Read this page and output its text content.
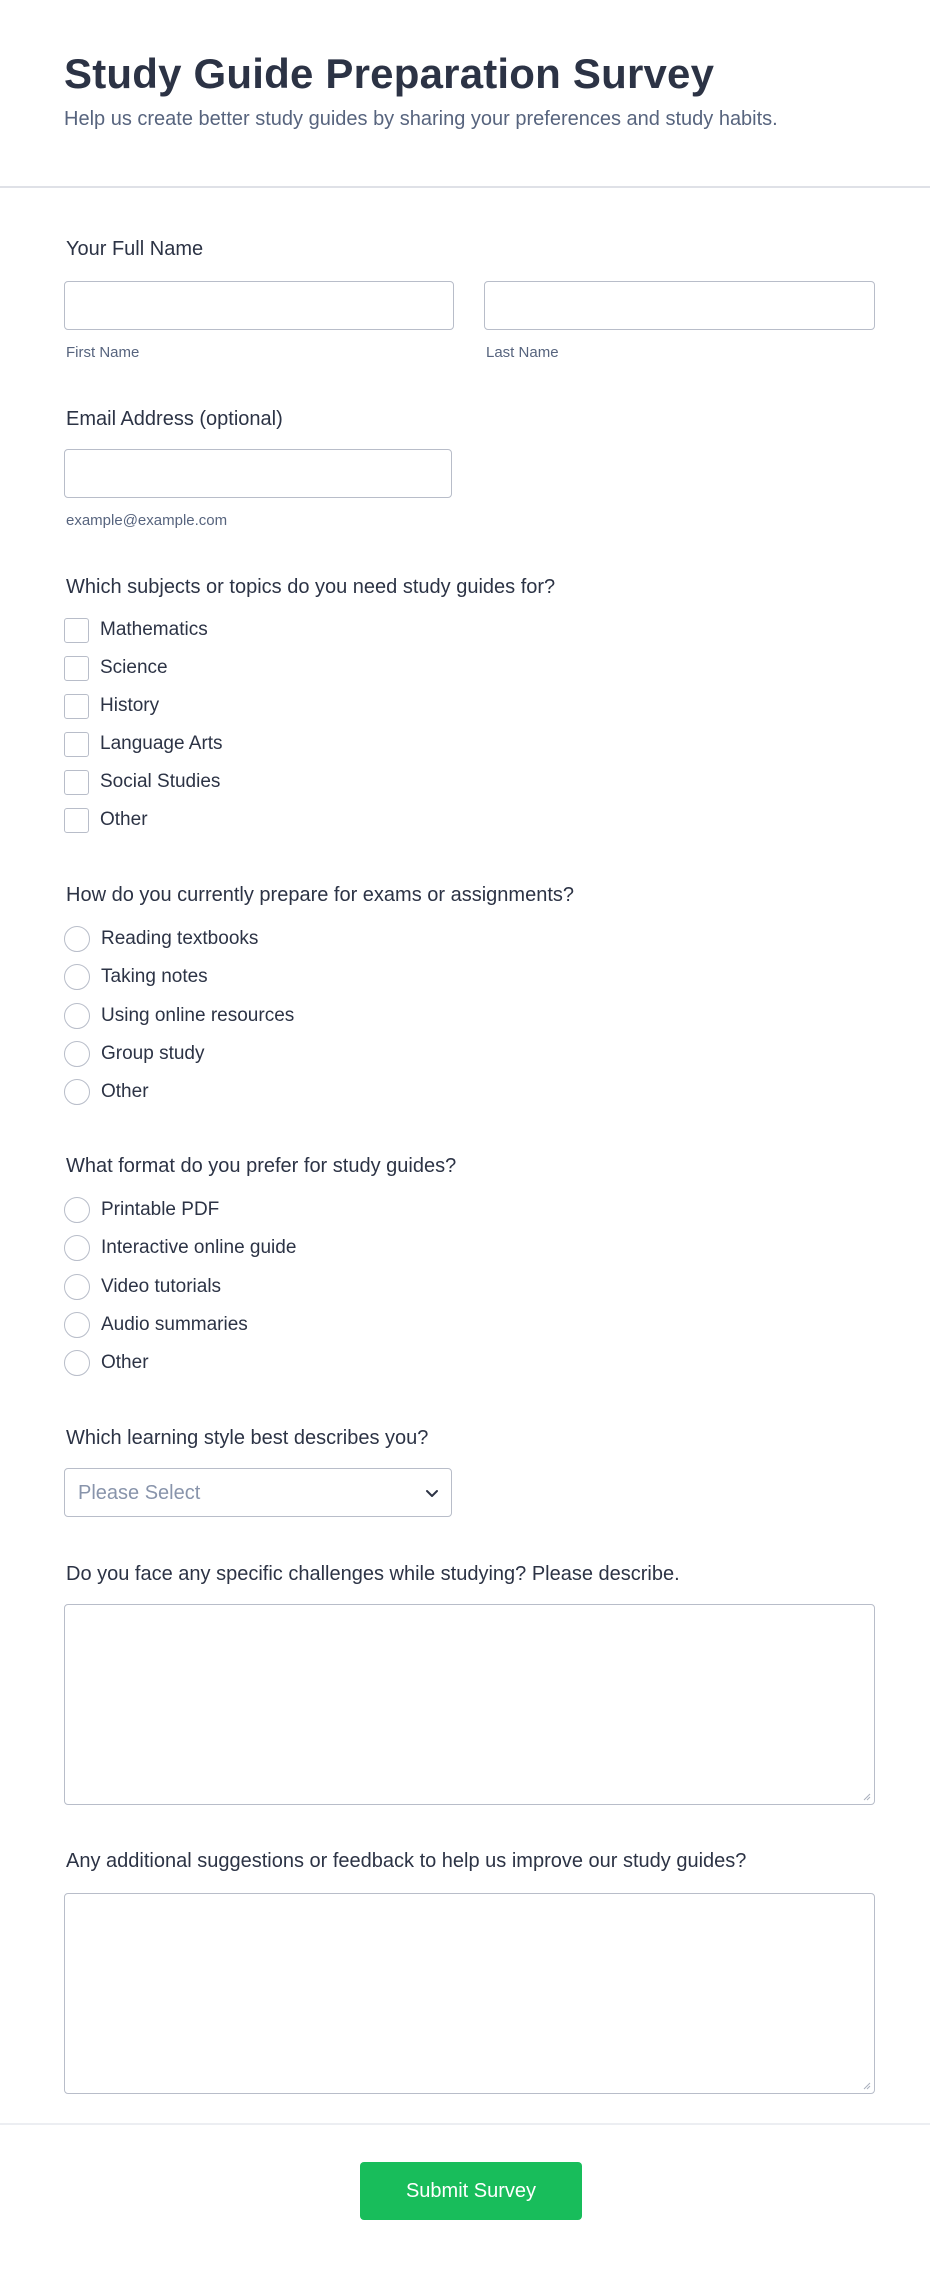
Study Guide Preparation Survey

Help us create better study guides by sharing your preferences and study habits.

Your Full Name
First Name	Last Name
Email Address (optional)
example@example.com
Which subjects or topics do you need study guides for?
Mathematics
Science
History
Language Arts
Social Studies
Other
How do you currently prepare for exams or assignments?
Reading textbooks
Taking notes
Using online resources
Group study
Other
What format do you prefer for study guides?
Printable PDF
Interactive online guide
Video tutorials
Audio summaries
Other
Which learning style best describes you?
Please Select
Do you face any specific challenges while studying? Please describe.
Any additional suggestions or feedback to help us improve our study guides?
Submit Survey
